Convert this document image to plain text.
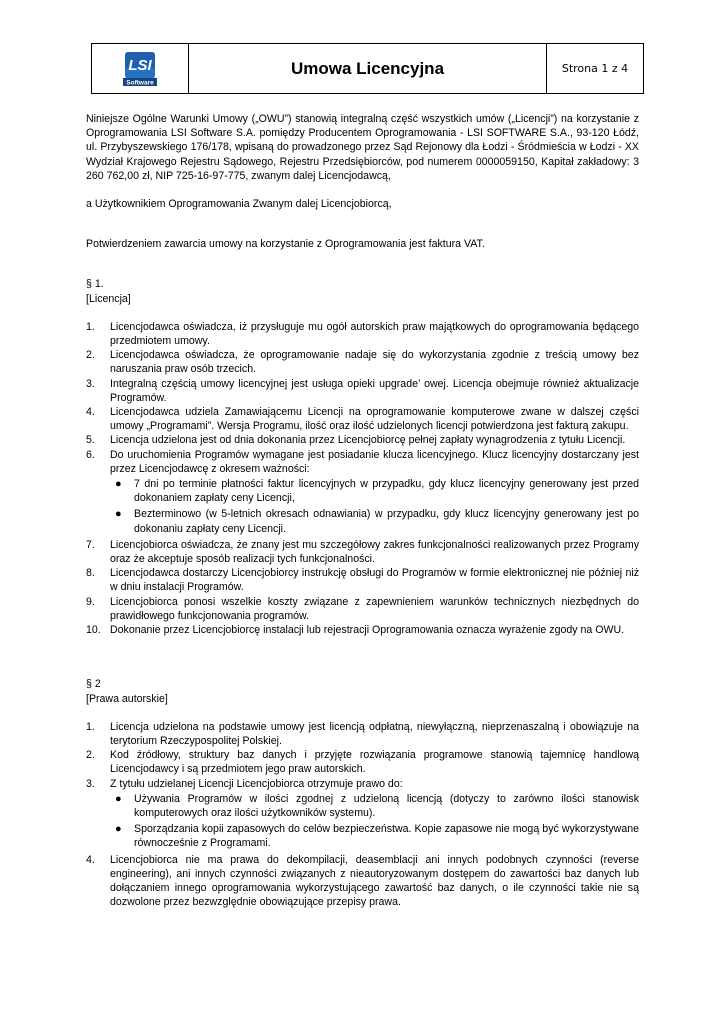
LSI
Software
Umowa Licencyjna	Strona 1 z 4

Niniejsze Ogólne Warunki Umowy („OWU”) stanowią integralną część wszystkich umów („Licencji”) na korzystanie z Oprogramowania LSI Software S.A. pomiędzy Producentem Oprogramowania - LSI SOFTWARE S.A., 93-120 Łódź, ul. Przybyszewskiego 176/178, wpisaną do prowadzonego przez Sąd Rejonowy dla Łodzi - Śródmieścia w Łodzi - XX Wydział Krajowego Rejestru Sądowego, Rejestru Przedsiębiorców, pod numerem 0000059150, Kapitał zakładowy: 3 260 762,00 zł, NIP 725-16-97-775, zwanym dalej Licencjodawcą,

a Użytkownikiem Oprogramowania Zwanym dalej Licencjobiorcą,

Potwierdzeniem zawarcia umowy na korzystanie z Oprogramowania jest faktura VAT.

§ 1.

[Licencja]

1. Licencjodawca oświadcza, iż przysługuje mu ogół autorskich praw majątkowych do oprogramowania będącego przedmiotem umowy.
2. Licencjodawca oświadcza, że oprogramowanie nadaje się do wykorzystania zgodnie z treścią umowy bez naruszania praw osób trzecich.
3. Integralną częścią umowy licencyjnej jest usługa opieki upgrade’ owej. Licencja obejmuje również aktualizacje Programów.
4. Licencjodawca udziela Zamawiającemu Licencji na oprogramowanie komputerowe zwane w dalszej części umowy „Programami”. Wersja Programu, ilość oraz ilość udzielonych licencji potwierdzona jest fakturą zakupu.
5. Licencja udzielona jest od dnia dokonania przez Licencjobiorcę pełnej zapłaty wynagrodzenia z tytułu Licencji.
6. Do uruchomienia Programów wymagane jest posiadanie klucza licencyjnego. Klucz licencyjny dostarczany jest przez Licencjodawcę z okresem ważności:
● 7 dni po terminie płatności faktur licencyjnych w przypadku, gdy klucz licencyjny generowany jest przed dokonaniem zapłaty ceny Licencji,
● Bezterminowo (w 5-letnich okresach odnawiania) w przypadku, gdy klucz licencyjny generowany jest po dokonaniu zapłaty ceny Licencji.
7. Licencjobiorca oświadcza, że znany jest mu szczegółowy zakres funkcjonalności realizowanych przez Programy oraz że akceptuje sposób realizacji tych funkcjonalności.
8. Licencjodawca dostarczy Licencjobiorcy instrukcję obsługi do Programów w formie elektronicznej nie później niż w dniu instalacji Programów.
9. Licencjobiorca ponosi wszelkie koszty związane z zapewnieniem warunków technicznych niezbędnych do prawidłowego funkcjonowania programów.
10. Dokonanie przez Licencjobiorcę instalacji lub rejestracji Oprogramowania oznacza wyrażenie zgody na OWU.

§ 2

[Prawa autorskie]

1. Licencja udzielona na podstawie umowy jest licencją odpłatną, niewyłączną, nieprzenaszalną i obowiązuje na terytorium Rzeczypospolitej Polskiej.
2. Kod źródłowy, struktury baz danych i przyjęte rozwiązania programowe stanowią tajemnicę handlową Licencjodawcy i są przedmiotem jego praw autorskich.
3. Z tytułu udzielanej Licencji Licencjobiorca otrzymuje prawo do:
● Używania Programów w ilości zgodnej z udzieloną licencją (dotyczy to zarówno ilości stanowisk komputerowych oraz ilości użytkowników systemu).
● Sporządzania kopii zapasowych do celów bezpieczeństwa. Kopie zapasowe nie mogą być wykorzystywane równocześnie z Programami.
4. Licencjobiorca nie ma prawa do dekompilacji, deasemblacji ani innych podobnych czynności (reverse engineering), ani innych czynności związanych z nieautoryzowanym dostępem do zawartości baz danych lub dołączaniem innego oprogramowania wykorzystującego zawartość baz danych, o ile czynności takie nie są dozwolone przez bezwzględnie obowiązujące przepisy prawa.
